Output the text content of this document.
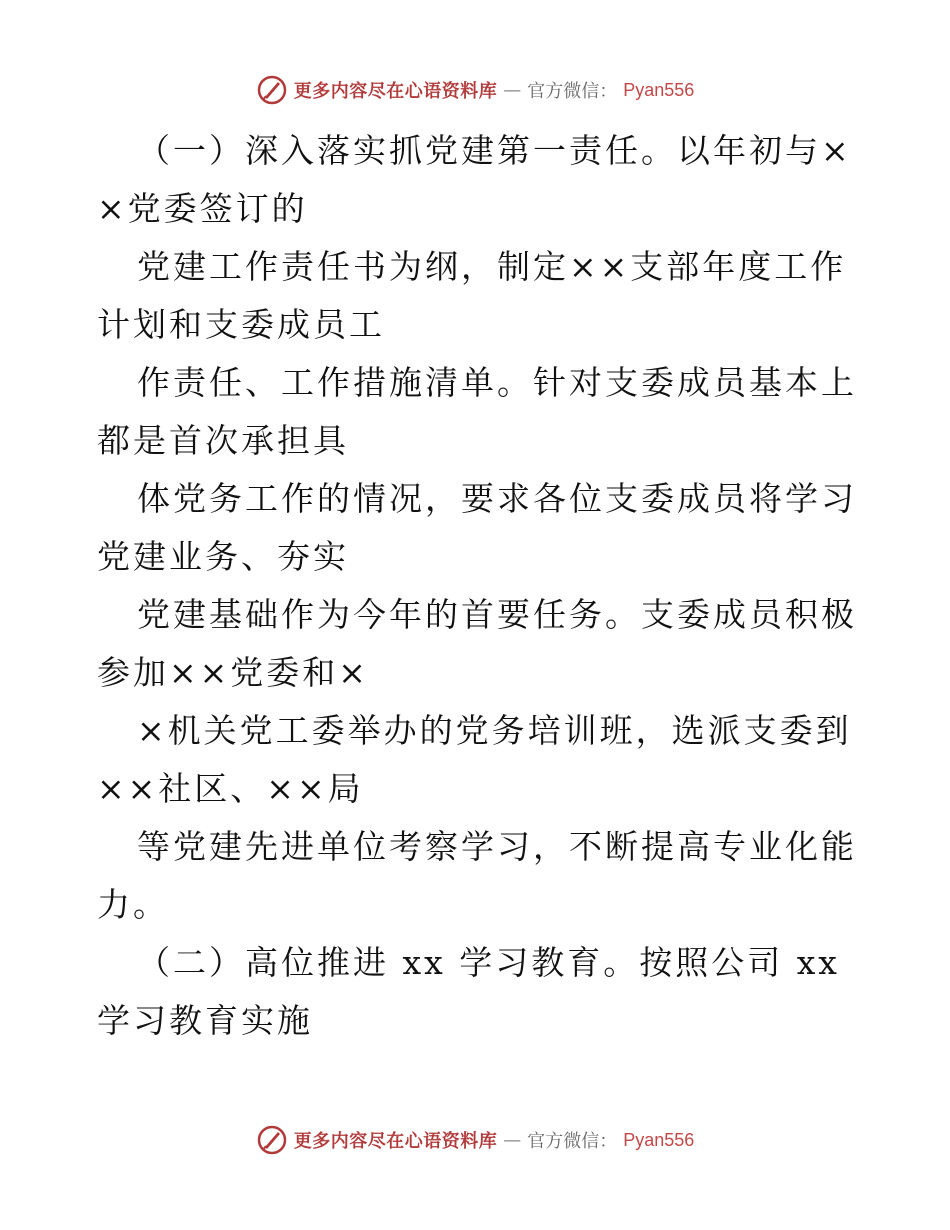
更多内容尽在心语资料库 — 官方微信： Pyan556

（一）深入落实抓党建第一责任。以年初与××党委签订的

党建工作责任书为纲，制定××支部年度工作计划和支委成员工

作责任、工作措施清单。针对支委成员基本上都是首次承担具

体党务工作的情况，要求各位支委成员将学习党建业务、夯实

党建基础作为今年的首要任务。支委成员积极参加××党委和×

×机关党工委举办的党务培训班，选派支委到××社区、××局

等党建先进单位考察学习，不断提高专业化能力。

（二）高位推进 xx 学习教育。按照公司 xx 学习教育实施

更多内容尽在心语资料库 — 官方微信： Pyan556
